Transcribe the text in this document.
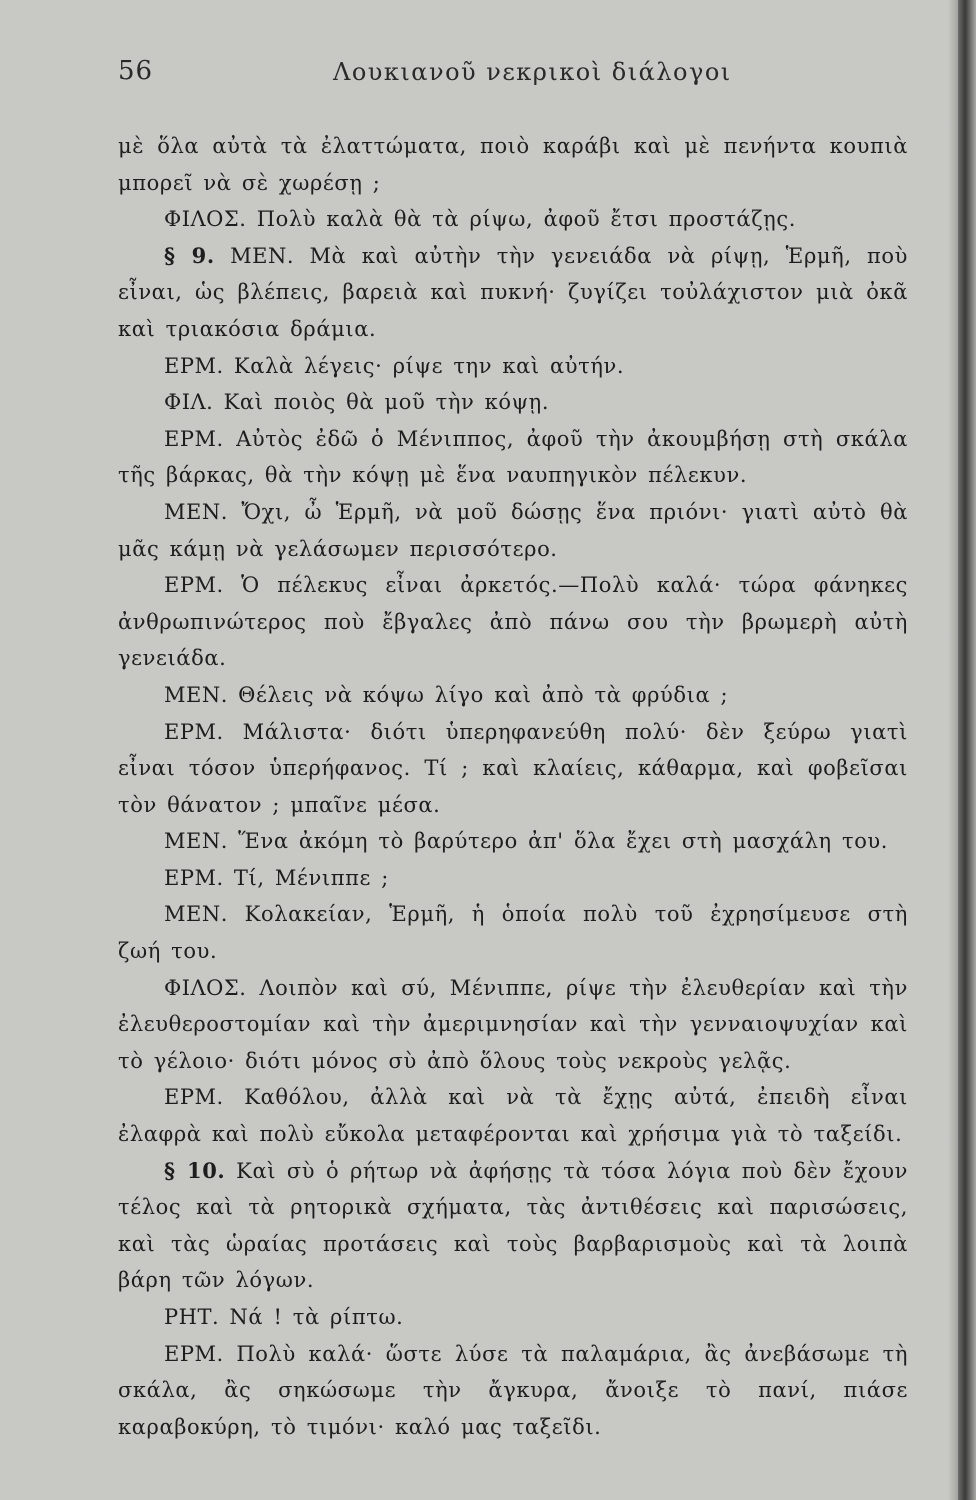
56	Λουκιανοῦ νεκρικοὶ διάλογοι

μὲ ὅλα αὐτὰ τὰ ἐλαττώματα, ποιὸ καράβι καὶ μὲ πενήντα κουπιὰ μπορεῖ νὰ σὲ χωρέσῃ ;

ΦΙΛΟΣ. Πολὺ καλὰ θὰ τὰ ρίψω, ἀφοῦ ἔτσι προστάζῃς.

§ 9. ΜΕΝ. Μὰ καὶ αὐτὴν τὴν γενειάδα νὰ ρίψῃ, Ἑρμῆ, ποὺ εἶναι, ὡς βλέπεις, βαρειὰ καὶ πυκνή· ζυγίζει τοὐλάχιστον μιὰ ὀκᾶ καὶ τριακόσια δράμια.

ΕΡΜ. Καλὰ λέγεις· ρίψε την καὶ αὐτήν.

ΦΙΛ. Καὶ ποιὸς θὰ μοῦ τὴν κόψῃ.

ΕΡΜ. Αὐτὸς ἐδῶ ὁ Μένιππος, ἀφοῦ τὴν ἀκουμβήσῃ στὴ σκάλα τῆς βάρκας, θὰ τὴν κόψῃ μὲ ἕνα ναυπηγικὸν πέλεκυν.

ΜΕΝ. Ὄχι, ὦ Ἑρμῆ, νὰ μοῦ δώσῃς ἕνα πριόνι· γιατὶ αὐτὸ θὰ μᾶς κάμῃ νὰ γελάσωμεν περισσότερο.

ΕΡΜ. Ὁ πέλεκυς εἶναι ἀρκετός.—Πολὺ καλά· τώρα φάνηκες ἀνθρωπινώτερος ποὺ ἔβγαλες ἀπὸ πάνω σου τὴν βρωμερὴ αὐτὴ γενειάδα.

ΜΕΝ. Θέλεις νὰ κόψω λίγο καὶ ἀπὸ τὰ φρύδια ;

ΕΡΜ. Μάλιστα· διότι ὑπερηφανεύθη πολύ· δὲν ξεύρω γιατὶ εἶναι τόσον ὑπερήφανος. Τί ; καὶ κλαίεις, κάθαρμα, καὶ φοβεῖσαι τὸν θάνατον ; μπαῖνε μέσα.

ΜΕΝ. Ἕνα ἀκόμη τὸ βαρύτερο ἀπ' ὅλα ἔχει στὴ μασχάλη του.

ΕΡΜ. Τί, Μένιππε ;

ΜΕΝ. Κολακείαν, Ἑρμῆ, ἡ ὁποία πολὺ τοῦ ἐχρησίμευσε στὴ ζωή του.

ΦΙΛΟΣ. Λοιπὸν καὶ σύ, Μένιππε, ρίψε τὴν ἐλευθερίαν καὶ τὴν ἐλευθεροστομίαν καὶ τὴν ἀμεριμνησίαν καὶ τὴν γενναιοψυχίαν καὶ τὸ γέλοιο· διότι μόνος σὺ ἀπὸ ὅλους τοὺς νεκροὺς γελᾷς.

ΕΡΜ. Καθόλου, ἀλλὰ καὶ νὰ τὰ ἔχῃς αὐτά, ἐπειδὴ εἶναι ἐλαφρὰ καὶ πολὺ εὔκολα μεταφέρονται καὶ χρήσιμα γιὰ τὸ ταξείδι.

§ 10. Καὶ σὺ ὁ ρήτωρ νὰ ἀφήσῃς τὰ τόσα λόγια ποὺ δὲν ἔχουν τέλος καὶ τὰ ρητορικὰ σχήματα, τὰς ἀντιθέσεις καὶ παρισώσεις, καὶ τὰς ὡραίας προτάσεις καὶ τοὺς βαρβαρισμοὺς καὶ τὰ λοιπὰ βάρη τῶν λόγων.

ΡΗΤ. Νά ! τὰ ρίπτω.

ΕΡΜ. Πολὺ καλά· ὥστε λύσε τὰ παλαμάρια, ἂς ἀνεβάσωμε τὴ σκάλα, ἂς σηκώσωμε τὴν ἄγκυρα, ἄνοιξε τὸ πανί, πιάσε καραβοκύρη, τὸ τιμόνι· καλό μας ταξεῖδι.
